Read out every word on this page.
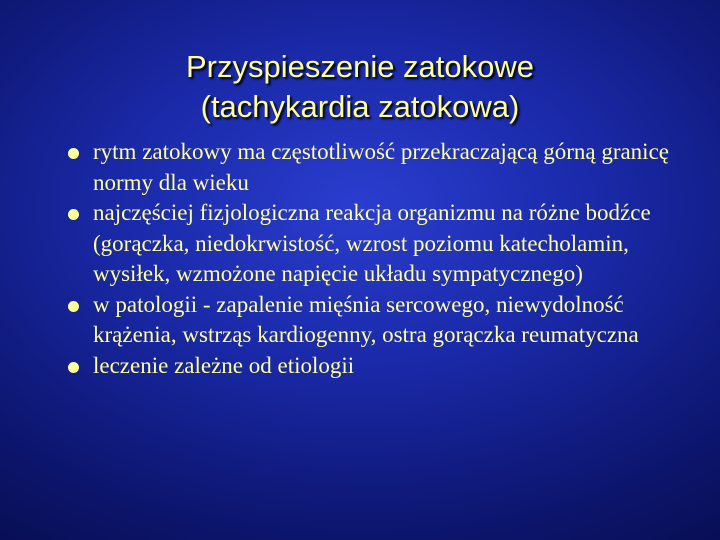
Przyspieszenie zatokowe
(tachykardia zatokowa)
rytm zatokowy ma częstotliwość przekraczającą górną granicę normy dla wieku
najczęściej fizjologiczna reakcja organizmu na różne bodźce (gorączka, niedokrwistość, wzrost poziomu katecholamin, wysiłek, wzmożone napięcie układu sympatycznego)
w patologii - zapalenie mięśnia sercowego, niewydolność krążenia, wstrząs kardiogenny, ostra gorączka reumatyczna
leczenie zależne od etiologii
